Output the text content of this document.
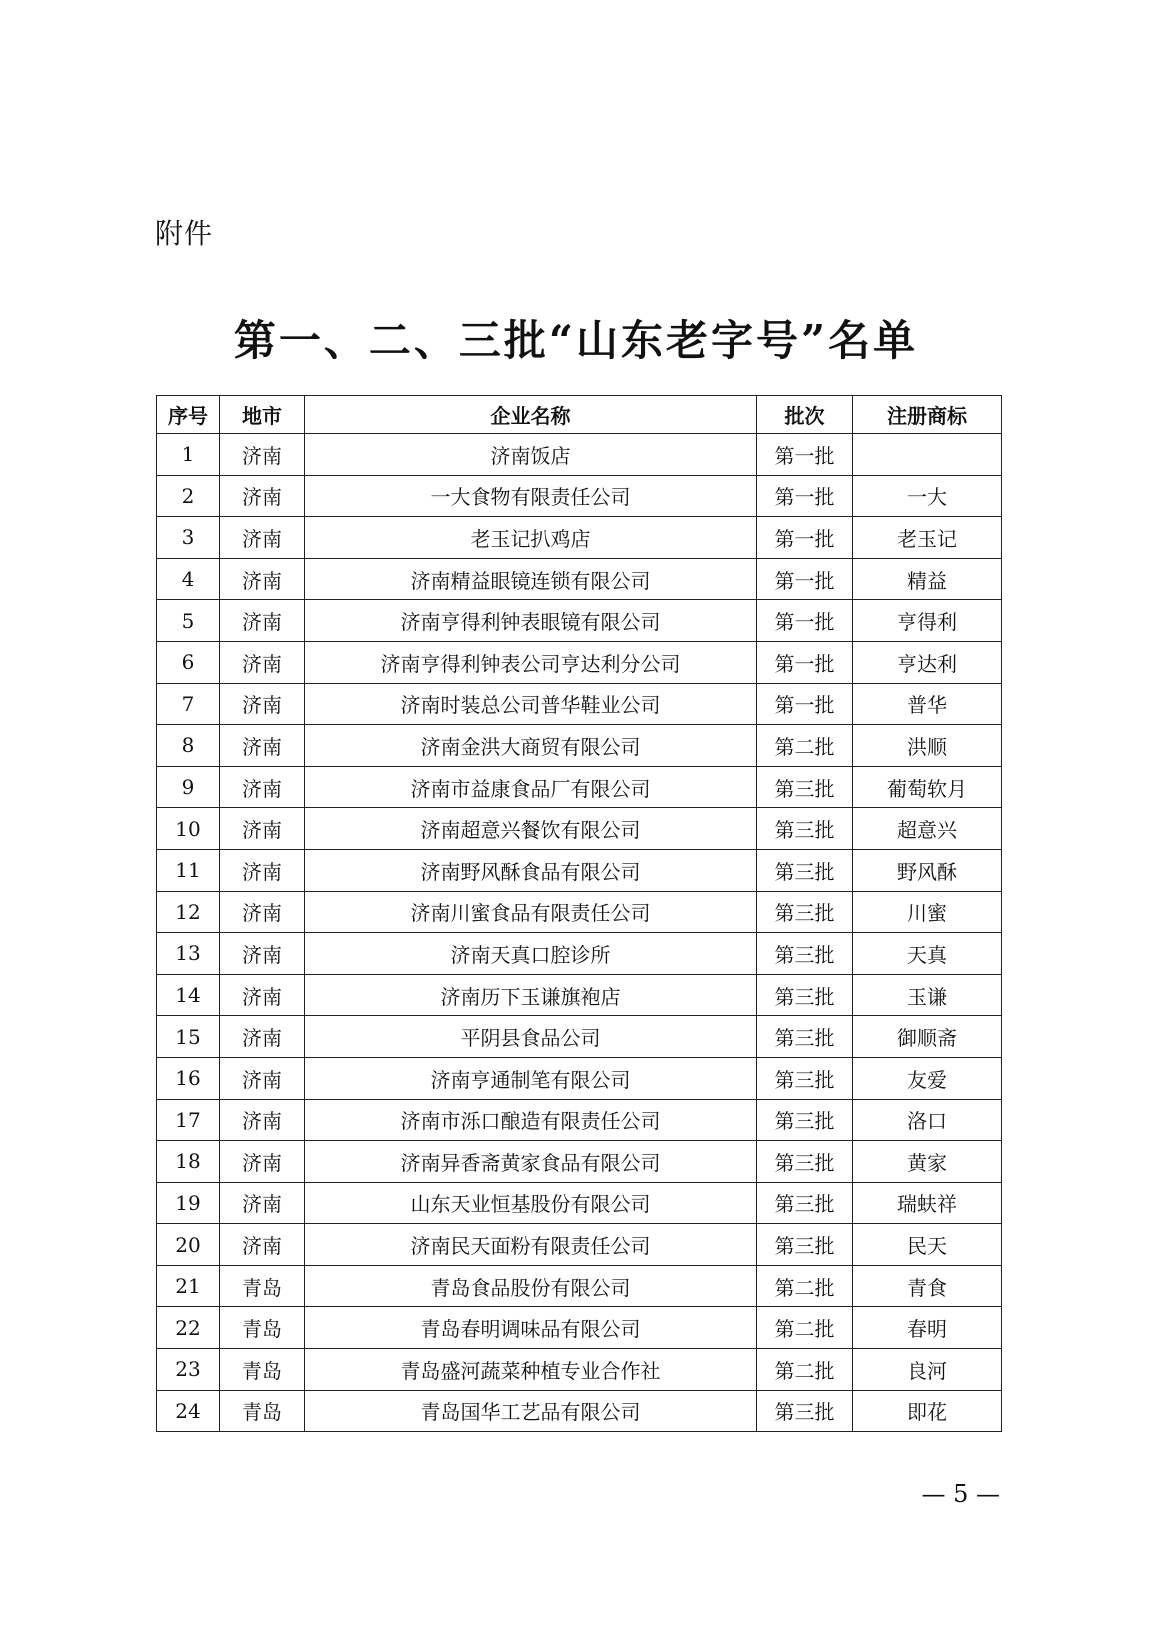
附件
第一、二、三批“山东老字号”名单
序号	地市	企业名称	批次	注册商标
1	济南	济南饭店	第一批	
2	济南	一大食物有限责任公司	第一批	一大
3	济南	老玉记扒鸡店	第一批	老玉记
4	济南	济南精益眼镜连锁有限公司	第一批	精益
5	济南	济南亨得利钟表眼镜有限公司	第一批	亨得利
6	济南	济南亨得利钟表公司亨达利分公司	第一批	亨达利
7	济南	济南时装总公司普华鞋业公司	第一批	普华
8	济南	济南金洪大商贸有限公司	第二批	洪顺
9	济南	济南市益康食品厂有限公司	第三批	葡萄软月
10	济南	济南超意兴餐饮有限公司	第三批	超意兴
11	济南	济南野风酥食品有限公司	第三批	野风酥
12	济南	济南川蜜食品有限责任公司	第三批	川蜜
13	济南	济南天真口腔诊所	第三批	天真
14	济南	济南历下玉谦旗袍店	第三批	玉谦
15	济南	平阴县食品公司	第三批	御顺斋
16	济南	济南亨通制笔有限公司	第三批	友爱
17	济南	济南市泺口酿造有限责任公司	第三批	洛口
18	济南	济南异香斋黄家食品有限公司	第三批	黄家
19	济南	山东天业恒基股份有限公司	第三批	瑞蚨祥
20	济南	济南民天面粉有限责任公司	第三批	民天
21	青岛	青岛食品股份有限公司	第二批	青食
22	青岛	青岛春明调味品有限公司	第二批	春明
23	青岛	青岛盛河蔬菜种植专业合作社	第二批	良河
24	青岛	青岛国华工艺品有限公司	第三批	即花
— 5 —
